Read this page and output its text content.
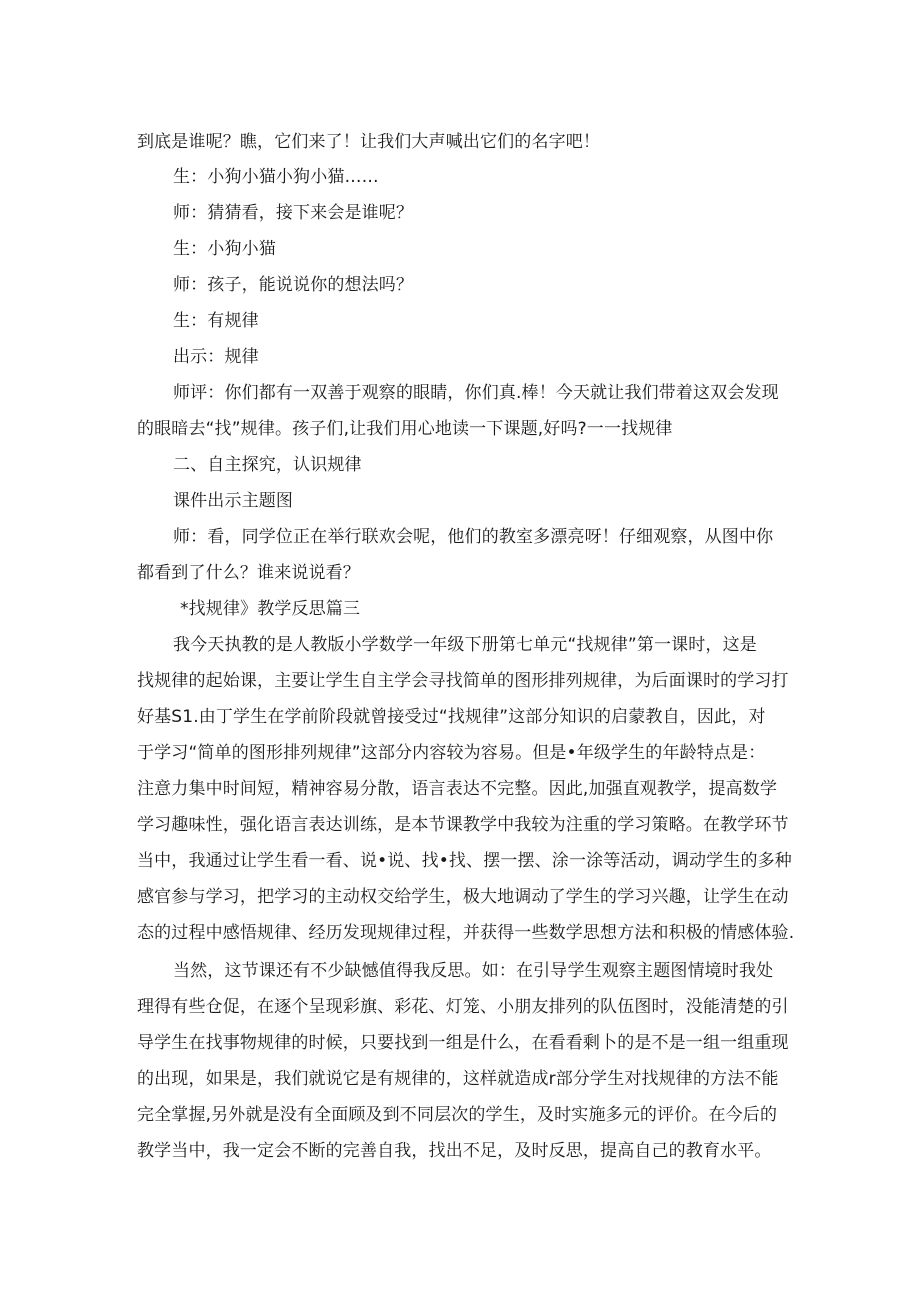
到底是谁呢？瞧，它们来了！让我们大声喊出它们的名字吧！
生：小狗小猫小狗小猫……
师：猜猜看，接下来会是谁呢？
生：小狗小猫
师：孩子，能说说你的想法吗？
生：有规律
出示：规律
师评：你们都有一双善于观察的眼睛，你们真.棒！今天就让我们带着这双会发现
的眼暗去“找”规律。孩子们,让我们用心地读一下课题,好吗?一一找规律
二、自主探究，认识规律
课件出示主题图
师：看，同学位正在举行联欢会呢，他们的教室多漂亮呀！仔细观察，从图中你
都看到了什么？谁来说说看？
*找规律》教学反思篇三
我今天执教的是人教版小学数学一年级下册第七单元“找规律”第一课时，这是
找规律的起始课，主要让学生自主学会寻找简单的图形排列规律，为后面课时的学习打
好基S1.由丁学生在学前阶段就曾接受过“找规律”这部分知识的启蒙教自，因此，对
于学习“简单的图形排列规律”这部分内容较为容易。但是•年级学生的年龄特点是：
注意力集中时间短，精神容易分散，语言表达不完整。因此,加强直观教学，提高数学
学习趣味性，强化语言表达训练，是本节课教学中我较为注重的学习策略。在教学环节
当中，我通过让学生看一看、说•说、找•找、摆一摆、涂一涂等活动，调动学生的多种
感官参与学习，把学习的主动权交给学生，极大地调动了学生的学习兴趣，让学生在动
态的过程中感悟规律、经历发现规律过程，并获得一些数学思想方法和积极的情感体验.
当然，这节课还有不少缺憾值得我反思。如：在引导学生观察主题图情境时我处
理得有些仓促，在逐个呈现彩旗、彩花、灯笼、小朋友排列的队伍图时，没能清楚的引
导学生在找事物规律的时候，只要找到一组是什么，在看看剩卜的是不是一组一组重现
的出现，如果是，我们就说它是有规律的，这样就造成r部分学生对找规律的方法不能
完全掌握,另外就是没有全面顾及到不同层次的学生，及时实施多元的评价。在今后的
教学当中，我一定会不断的完善自我，找出不足，及时反思，提高自己的教育水平。
